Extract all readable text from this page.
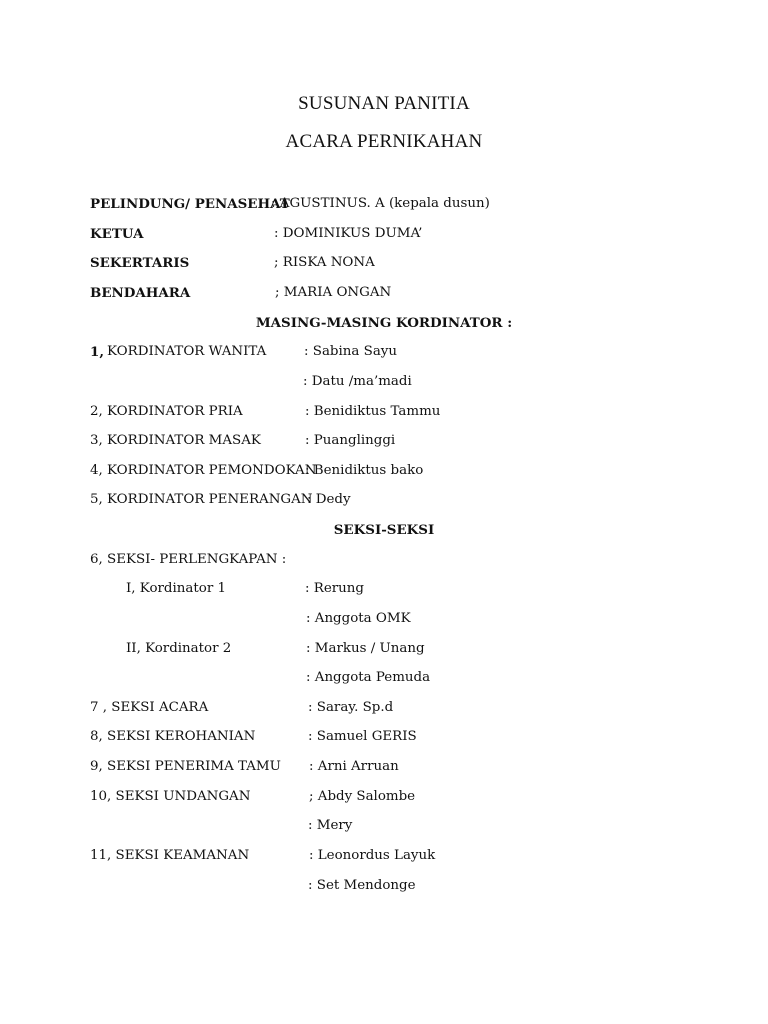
SUSUNAN PANITIA
ACARA PERNIKAHAN
PELINDUNG/ PENASEHAT
: AGUSTINUS. A (kepala dusun)
KETUA	: DOMINIKUS DUMA’
SEKERTARIS	; RISKA NONA
BENDAHARA	; MARIA ONGAN
MASING-MASING KORDINATOR :
1, KORDINATOR WANITA	: Sabina Sayu
: Datu /ma’madi
2, KORDINATOR PRIA	: Benidiktus Tammu
3, KORDINATOR MASAK	: Puanglinggi
4, KORDINATOR PEMONDOKAN
: Benidiktus bako
5, KORDINATOR PENERANGAN
: Dedy
SEKSI-SEKSI
6, SEKSI- PERLENGKAPAN :
I, Kordinator 1	: Rerung
: Anggota OMK
II, Kordinator 2	: Markus / Unang
: Anggota Pemuda
7 , SEKSI ACARA	: Saray. Sp.d
8, SEKSI KEROHANIAN	: Samuel GERIS
9, SEKSI PENERIMA TAMU : Arni Arruan
10, SEKSI UNDANGAN	; Abdy Salombe
: Mery
11, SEKSI KEAMANAN	: Leonordus Layuk
: Set Mendonge
